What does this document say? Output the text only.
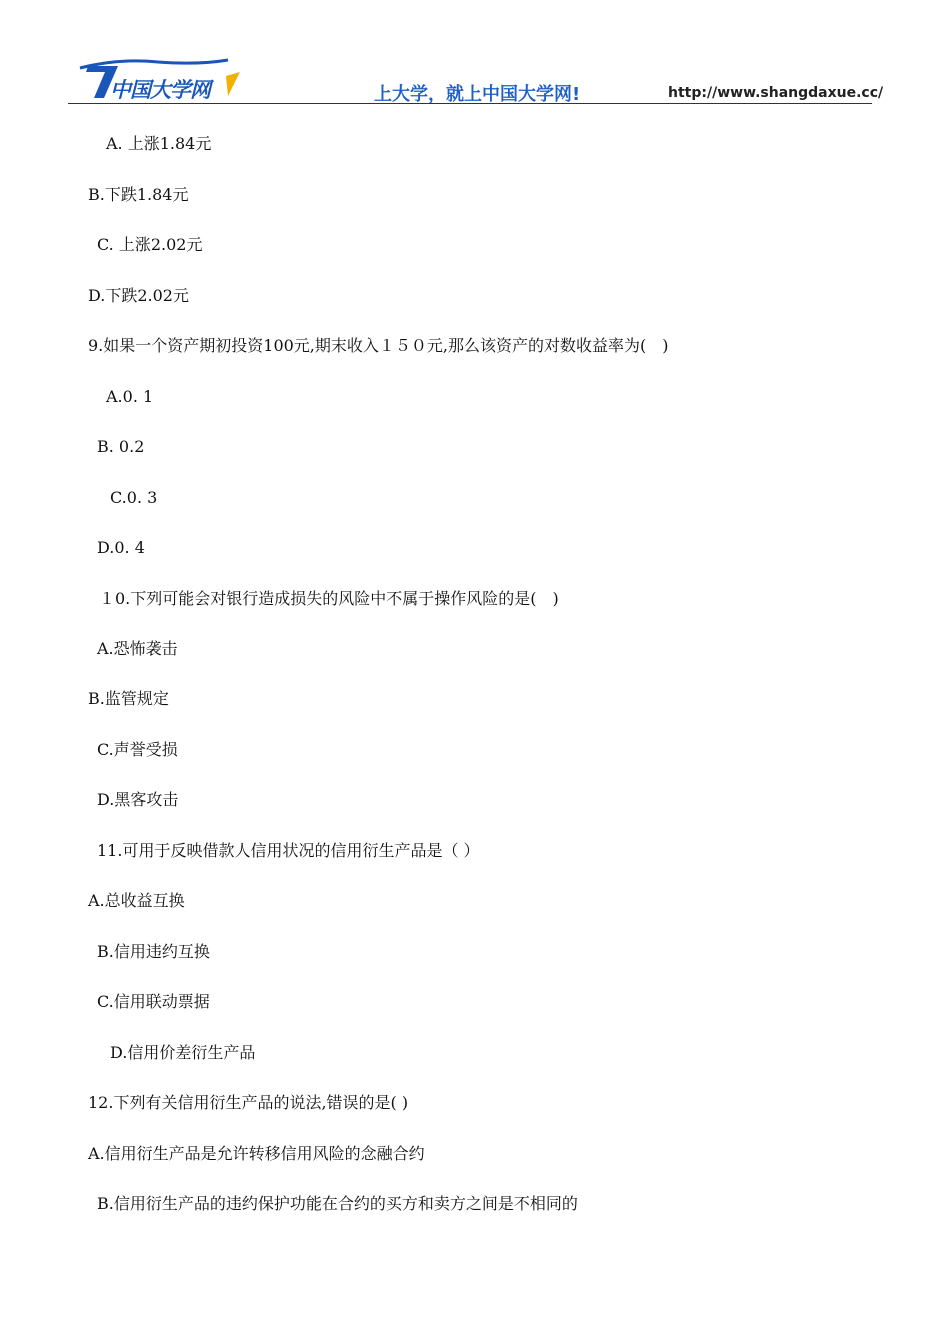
中国大学网	上大学，就上中国大学网!	http://www.shangdaxue.cc/
A. 上涨1.84元
B.下跌1.84元
C. 上涨2.02元
D.下跌2.02元
9.如果一个资产期初投资100元,期末收入１５０元,那么该资产的对数收益率为(　)
A.0. 1
B. 0.2
C.0. 3
D.0. 4
１0.下列可能会对银行造成损失的风险中不属于操作风险的是(　)
A.恐怖袭击
B.监管规定
C.声誉受损
D.黑客攻击
11.可用于反映借款人信用状况的信用衍生产品是（ ）
A.总收益互换
B.信用违约互换
C.信用联动票据
D.信用价差衍生产品
12.下列有关信用衍生产品的说法,错误的是( )
A.信用衍生产品是允许转移信用风险的念融合约
B.信用衍生产品的违约保护功能在合约的买方和卖方之间是不相同的
